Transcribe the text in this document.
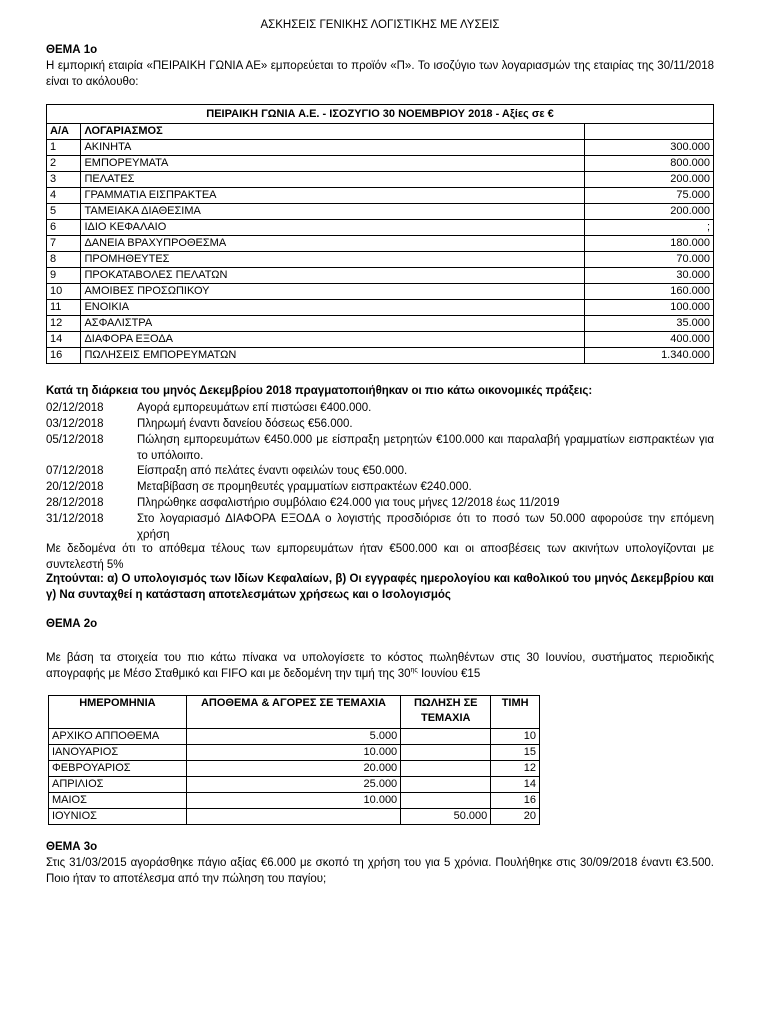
ΑΣΚΗΣΕΙΣ ΓΕΝΙΚΗΣ ΛΟΓΙΣΤΙΚΗΣ ΜΕ ΛΥΣΕΙΣ
ΘΕΜΑ 1ο
Η εμπορική εταιρία «ΠΕΙΡΑΙΚΗ ΓΩΝΙΑ ΑΕ» εμπορεύεται το προϊόν «Π». Το ισοζύγιο των λογαριασμών της εταιρίας της 30/11/2018 είναι το ακόλουθο:
ΠΕΙΡΑΙΚΗ ΓΩΝΙΑ Α.Ε. - ΙΣΟΖΥΓΙΟ 30 ΝΟΕΜΒΡΙΟΥ 2018 - Αξίες σε €		
Α/Α	ΛΟΓΑΡΙΑΣΜΟΣ	
1	ΑΚΙΝΗΤΑ	300.000
2	ΕΜΠΟΡΕΥΜΑΤΑ	800.000
3	ΠΕΛΑΤΕΣ	200.000
4	ΓΡΑΜΜΑΤΙΑ ΕΙΣΠΡΑΚΤΕΑ	75.000
5	ΤΑΜΕΙΑΚΑ ΔΙΑΘΕΣΙΜΑ	200.000
6	ΙΔΙΟ ΚΕΦΑΛΑΙΟ	;
7	ΔΑΝΕΙΑ ΒΡΑΧΥΠΡΟΘΕΣΜΑ	180.000
8	ΠΡΟΜΗΘΕΥΤΕΣ	70.000
9	ΠΡΟΚΑΤΑΒΟΛΕΣ ΠΕΛΑΤΩΝ	30.000
10	ΑΜΟΙΒΕΣ ΠΡΟΣΩΠΙΚΟΥ	160.000
11	ΕΝΟΙΚΙΑ	100.000
12	ΑΣΦΑΛΙΣΤΡΑ	35.000
14	ΔΙΑΦΟΡΑ ΕΞΟΔΑ	400.000
16	ΠΩΛΗΣΕΙΣ ΕΜΠΟΡΕΥΜΑΤΩΝ	1.340.000
Κατά τη διάρκεια του μηνός Δεκεμβρίου 2018 πραγματοποιήθηκαν οι πιο κάτω οικονομικές πράξεις:
02/12/2018	Αγορά εμπορευμάτων επί πιστώσει €400.000.
03/12/2018	Πληρωμή έναντι δανείου δόσεως €56.000.
05/12/2018	Πώληση εμπορευμάτων €450.000 με είσπραξη μετρητών €100.000 και παραλαβή γραμματίων εισπρακτέων για το υπόλοιπο.
07/12/2018	Είσπραξη από πελάτες έναντι οφειλών τους €50.000.
20/12/2018	Μεταβίβαση σε προμηθευτές γραμματίων εισπρακτέων €240.000.
28/12/2018	Πληρώθηκε ασφαλιστήριο συμβόλαιο €24.000 για τους μήνες 12/2018 έως 11/2019
31/12/2018	Στο λογαριασμό ΔΙΑΦΟΡΑ ΕΞΟΔΑ ο λογιστής προσδιόρισε ότι το ποσό των 50.000 αφορούσε την επόμενη χρήση
Με δεδομένα ότι το απόθεμα τέλους των εμπορευμάτων ήταν €500.000 και οι αποσβέσεις των ακινήτων υπολογίζονται με συντελεστή 5%
Ζητούνται: α) Ο υπολογισμός των Ιδίων Κεφαλαίων, β) Οι εγγραφές ημερολογίου και καθολικού του μηνός Δεκεμβρίου και γ) Να συνταχθεί η κατάσταση αποτελεσμάτων χρήσεως και ο Ισολογισμός
ΘΕΜΑ 2ο
Με βάση τα στοιχεία του πιο κάτω πίνακα να υπολογίσετε το κόστος πωληθέντων στις 30 Ιουνίου, συστήματος περιοδικής απογραφής με Μέσο Σταθμικό και FIFO και με δεδομένη την τιμή της $30^{\eta\varsigma}$ Ιουνίου €15
ΗΜΕΡΟΜΗΝΙΑ	ΑΠΟΘΕΜΑ & ΑΓΟΡΕΣ ΣΕ ΤΕΜΑΧΙΑ	ΠΩΛΗΣΗ ΣΕ ΤΕΜΑΧΙΑ	ΤΙΜΗ
ΑΡΧΙΚΟ ΑΠΠΟΘΕΜΑ	5.000		10
ΙΑΝΟΥΑΡΙΟΣ	10.000		15
ΦΕΒΡΟΥΑΡΙΟΣ	20.000		12
ΑΠΡΙΛΙΟΣ	25.000		14
ΜΑΙΟΣ	10.000		16
ΙΟΥΝΙΟΣ		50.000	20
ΘΕΜΑ 3ο
Στις 31/03/2015 αγοράσθηκε πάγιο αξίας €6.000 με σκοπό τη χρήση του για 5 χρόνια. Πουλήθηκε στις 30/09/2018 έναντι €3.500. Ποιο ήταν το αποτέλεσμα από την πώληση του παγίου;
